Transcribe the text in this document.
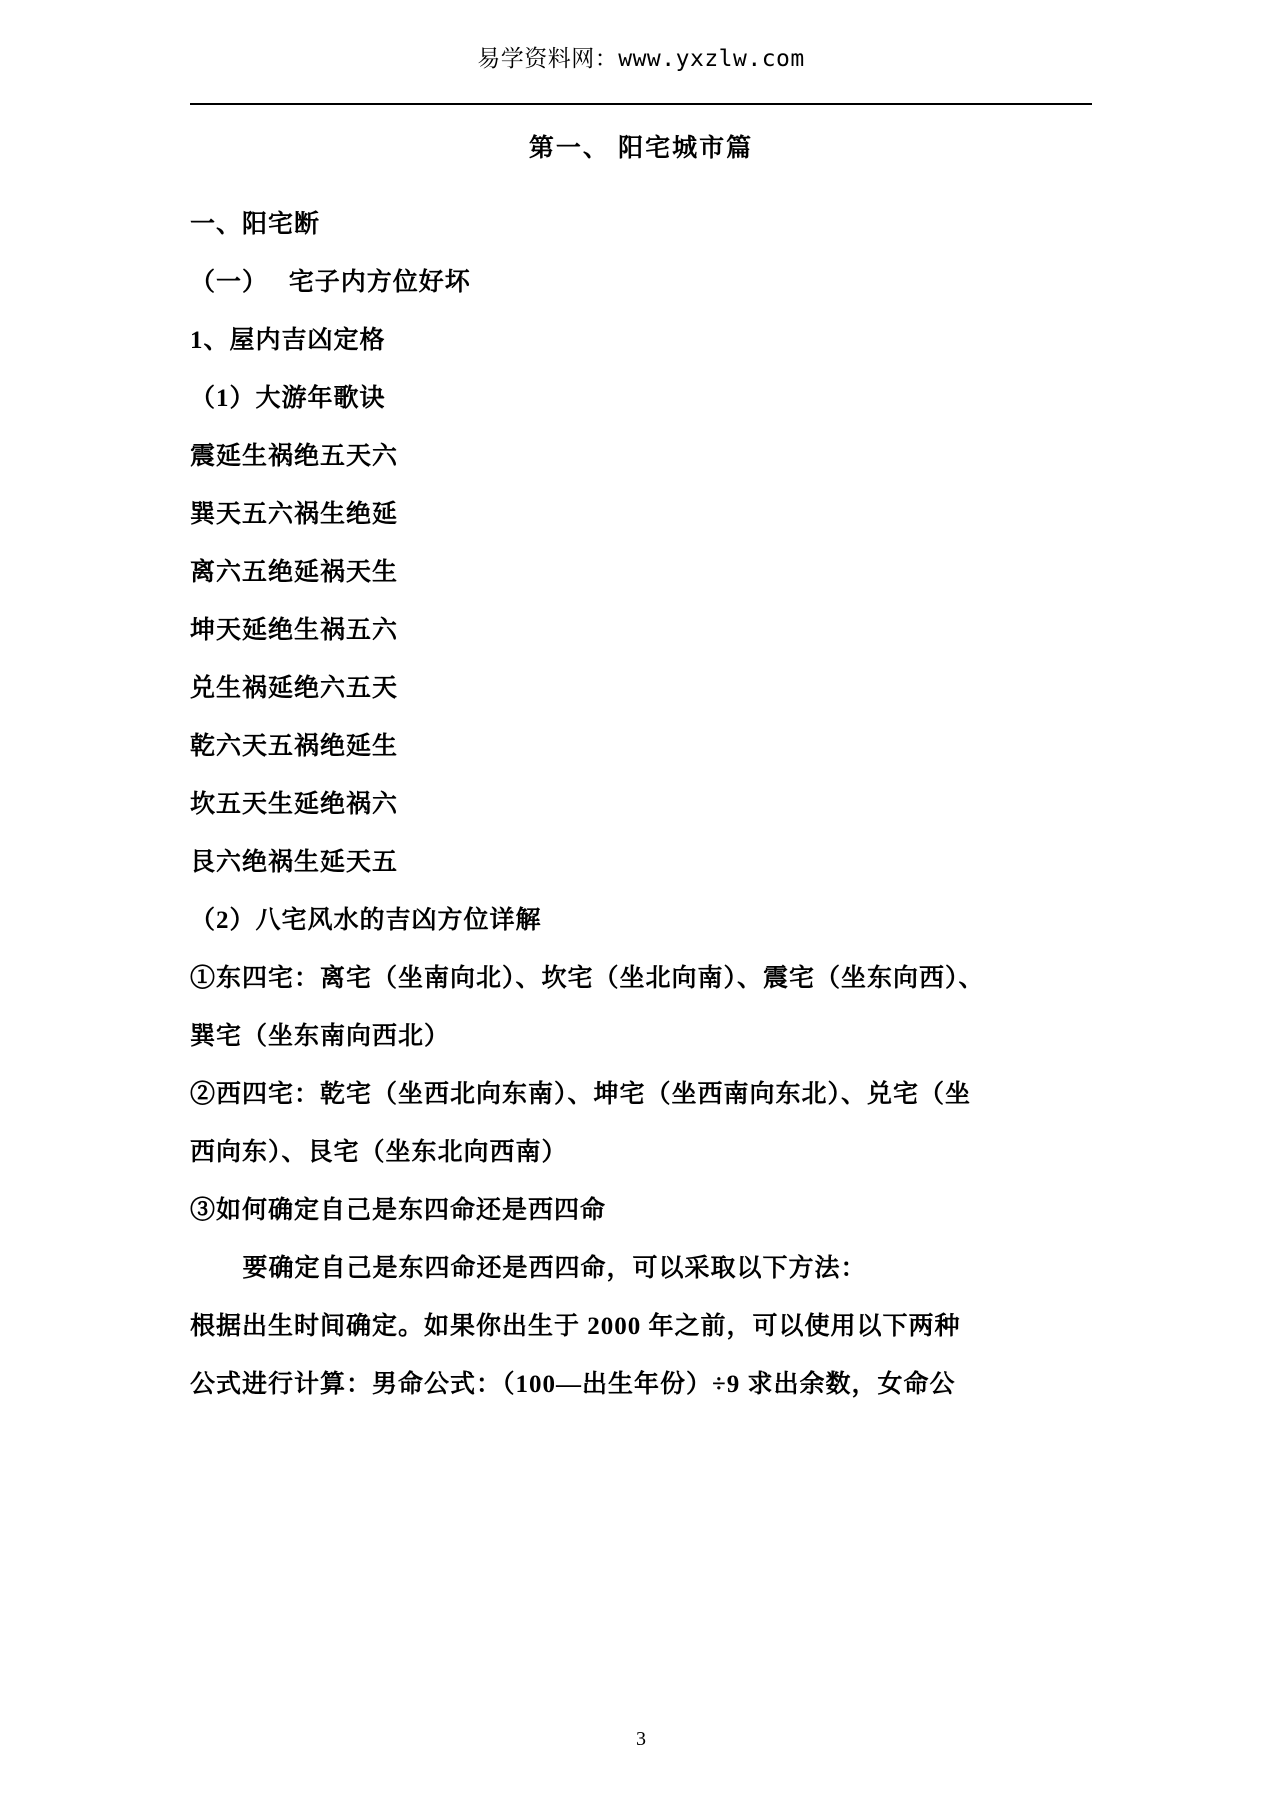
易学资料网：www.yxzlw.com
第一、 阳宅城市篇

一、阳宅断

（一）　 宅子内方位好坏

1、屋内吉凶定格

（1）大游年歌诀

震延生祸绝五天六

巽天五六祸生绝延

离六五绝延祸天生

坤天延绝生祸五六

兑生祸延绝六五天

乾六天五祸绝延生

坎五天生延绝祸六

艮六绝祸生延天五

（2）八宅风水的吉凶方位详解

①东四宅：离宅（坐南向北）、坎宅（坐北向南）、震宅（坐东向西）、

巽宅（坐东南向西北）

②西四宅：乾宅（坐西北向东南）、坤宅（坐西南向东北）、兑宅（坐

西向东）、艮宅（坐东北向西南）

③如何确定自己是东四命还是西四命

要确定自己是东四命还是西四命，可以采取以下方法：

根据出生时间确定。如果你出生于 2000 年之前，可以使用以下两种

公式进行计算：男命公式：（100—出生年份）÷9 求出余数，女命公

3
